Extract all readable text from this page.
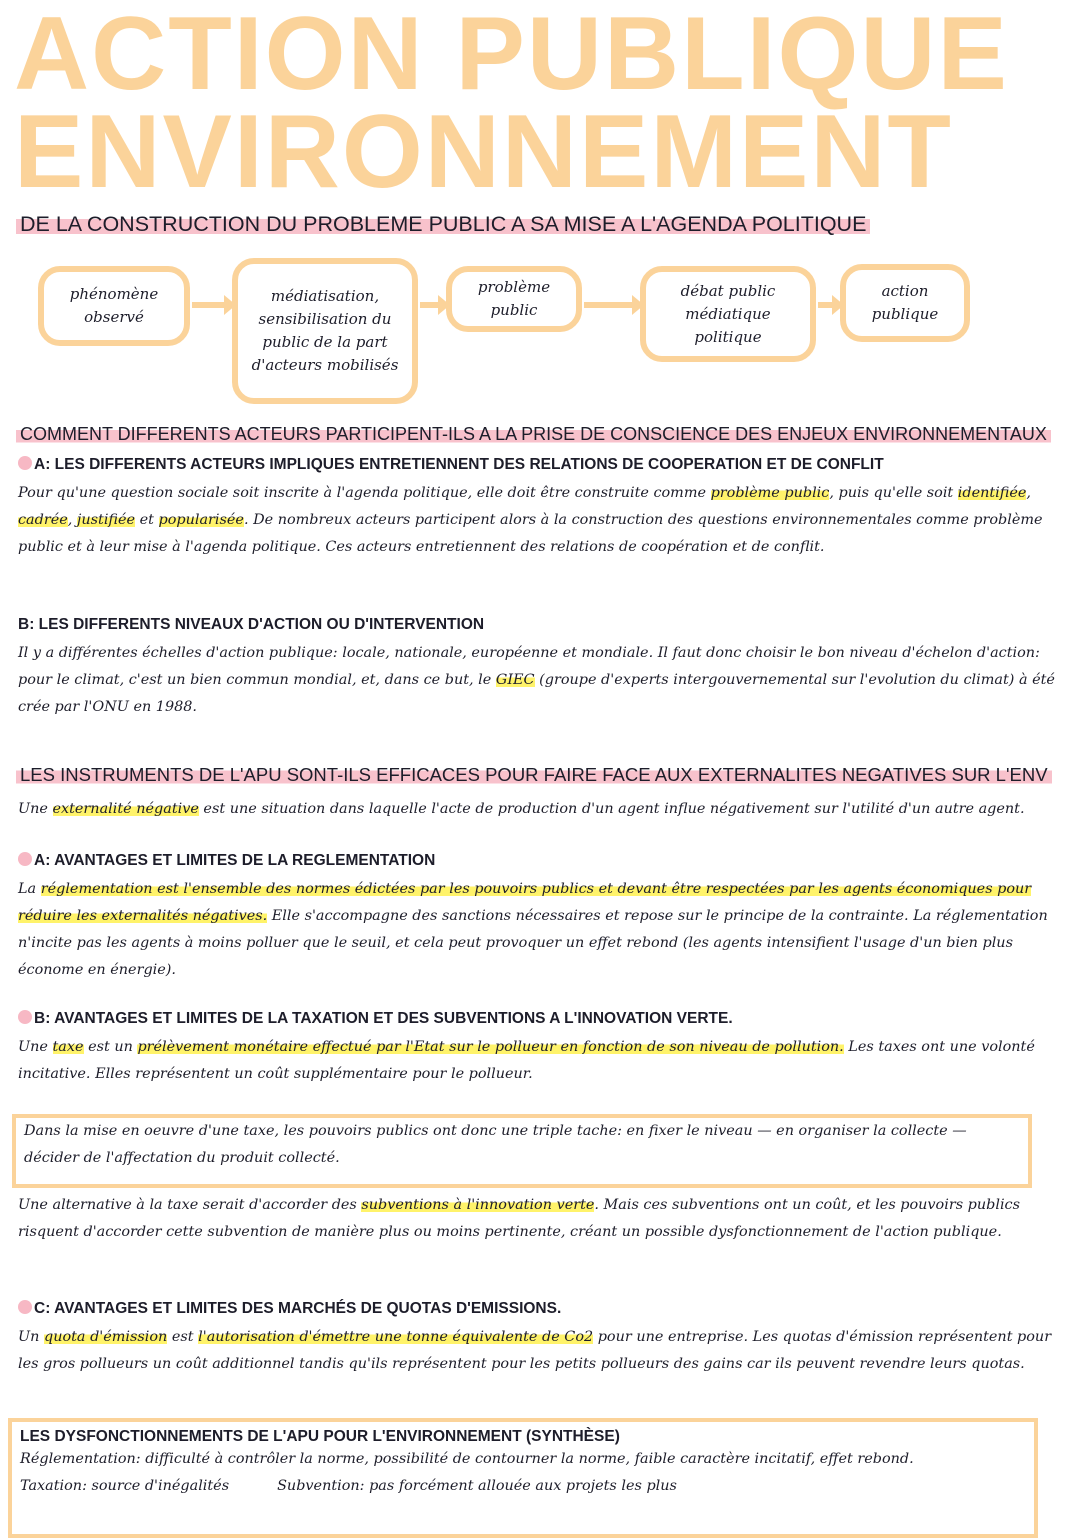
ACTION PUBLIQUE
ENVIRONNEMENT
DE LA CONSTRUCTION DU PROBLEME PUBLIC A SA MISE A L'AGENDA POLITIQUE
phénomène observé
médiatisation, sensibilisation du public de la part d'acteurs mobilisés
problème public
débat public médiatique politique
action publique
COMMENT DIFFERENTS ACTEURS PARTICIPENT-ILS A LA PRISE DE CONSCIENCE DES ENJEUX ENVIRONNEMENTAUX
A: LES DIFFERENTS ACTEURS IMPLIQUES ENTRETIENNENT DES RELATIONS DE COOPERATION ET DE CONFLIT

Pour qu'une question sociale soit inscrite à l'agenda politique, elle doit être construite comme problème public, puis qu'elle soit identifiée, cadrée, justifiée et popularisée. De nombreux acteurs participent alors à la construction des questions environnementales comme problème public et à leur mise à l'agenda politique. Ces acteurs entretiennent des relations de coopération et de conflit.

B: LES DIFFERENTS NIVEAUX D'ACTION OU D'INTERVENTION

Il y a différentes échelles d'action publique: locale, nationale, européenne et mondiale. Il faut donc choisir le bon niveau d'échelon d'action: pour le climat, c'est un bien commun mondial, et, dans ce but, le GIEC (groupe d'experts intergouvernemental sur l'evolution du climat) à été crée par l'ONU en 1988.

LES INSTRUMENTS DE L'APU SONT-ILS EFFICACES POUR FAIRE FACE AUX EXTERNALITES NEGATIVES SUR L'ENV

Une externalité négative est une situation dans laquelle l'acte de production d'un agent influe négativement sur l'utilité d'un autre agent.

A: AVANTAGES ET LIMITES DE LA REGLEMENTATION

La réglementation est l'ensemble des normes édictées par les pouvoirs publics et devant être respectées par les agents économiques pour réduire les externalités négatives. Elle s'accompagne des sanctions nécessaires et repose sur le principe de la contrainte. La réglementation n'incite pas les agents à moins polluer que le seuil, et cela peut provoquer un effet rebond (les agents intensifient l'usage d'un bien plus économe en énergie).

B: AVANTAGES ET LIMITES DE LA TAXATION ET DES SUBVENTIONS A L'INNOVATION VERTE.

Une taxe est un prélèvement monétaire effectué par l'Etat sur le pollueur en fonction de son niveau de pollution. Les taxes ont une volonté incitative. Elles représentent un coût supplémentaire pour le pollueur.

Dans la mise en oeuvre d'une taxe, les pouvoirs publics ont donc une triple tache: en fixer le niveau — en organiser la collecte — décider de l'affectation du produit collecté.

Une alternative à la taxe serait d'accorder des subventions à l'innovation verte. Mais ces subventions ont un coût, et les pouvoirs publics risquent d'accorder cette subvention de manière plus ou moins pertinente, créant un possible dysfonctionnement de l'action publique.

C: AVANTAGES ET LIMITES DES MARCHÉS DE QUOTAS D'EMISSIONS.

Un quota d'émission est l'autorisation d'émettre une tonne équivalente de Co2 pour une entreprise. Les quotas d'émission représentent pour les gros pollueurs un coût additionnel tandis qu'ils représentent pour les petits pollueurs des gains car ils peuvent revendre leurs quotas.

LES DYSFONCTIONNEMENTS DE L'APU POUR L'ENVIRONNEMENT (SYNTHÈSE)

Réglementation: difficulté à contrôler la norme, possibilité de contourner la norme, faible caractère incitatif, effet rebond.

Taxation: source d'inégalités	Subvention: pas forcément allouée aux projets les plus
